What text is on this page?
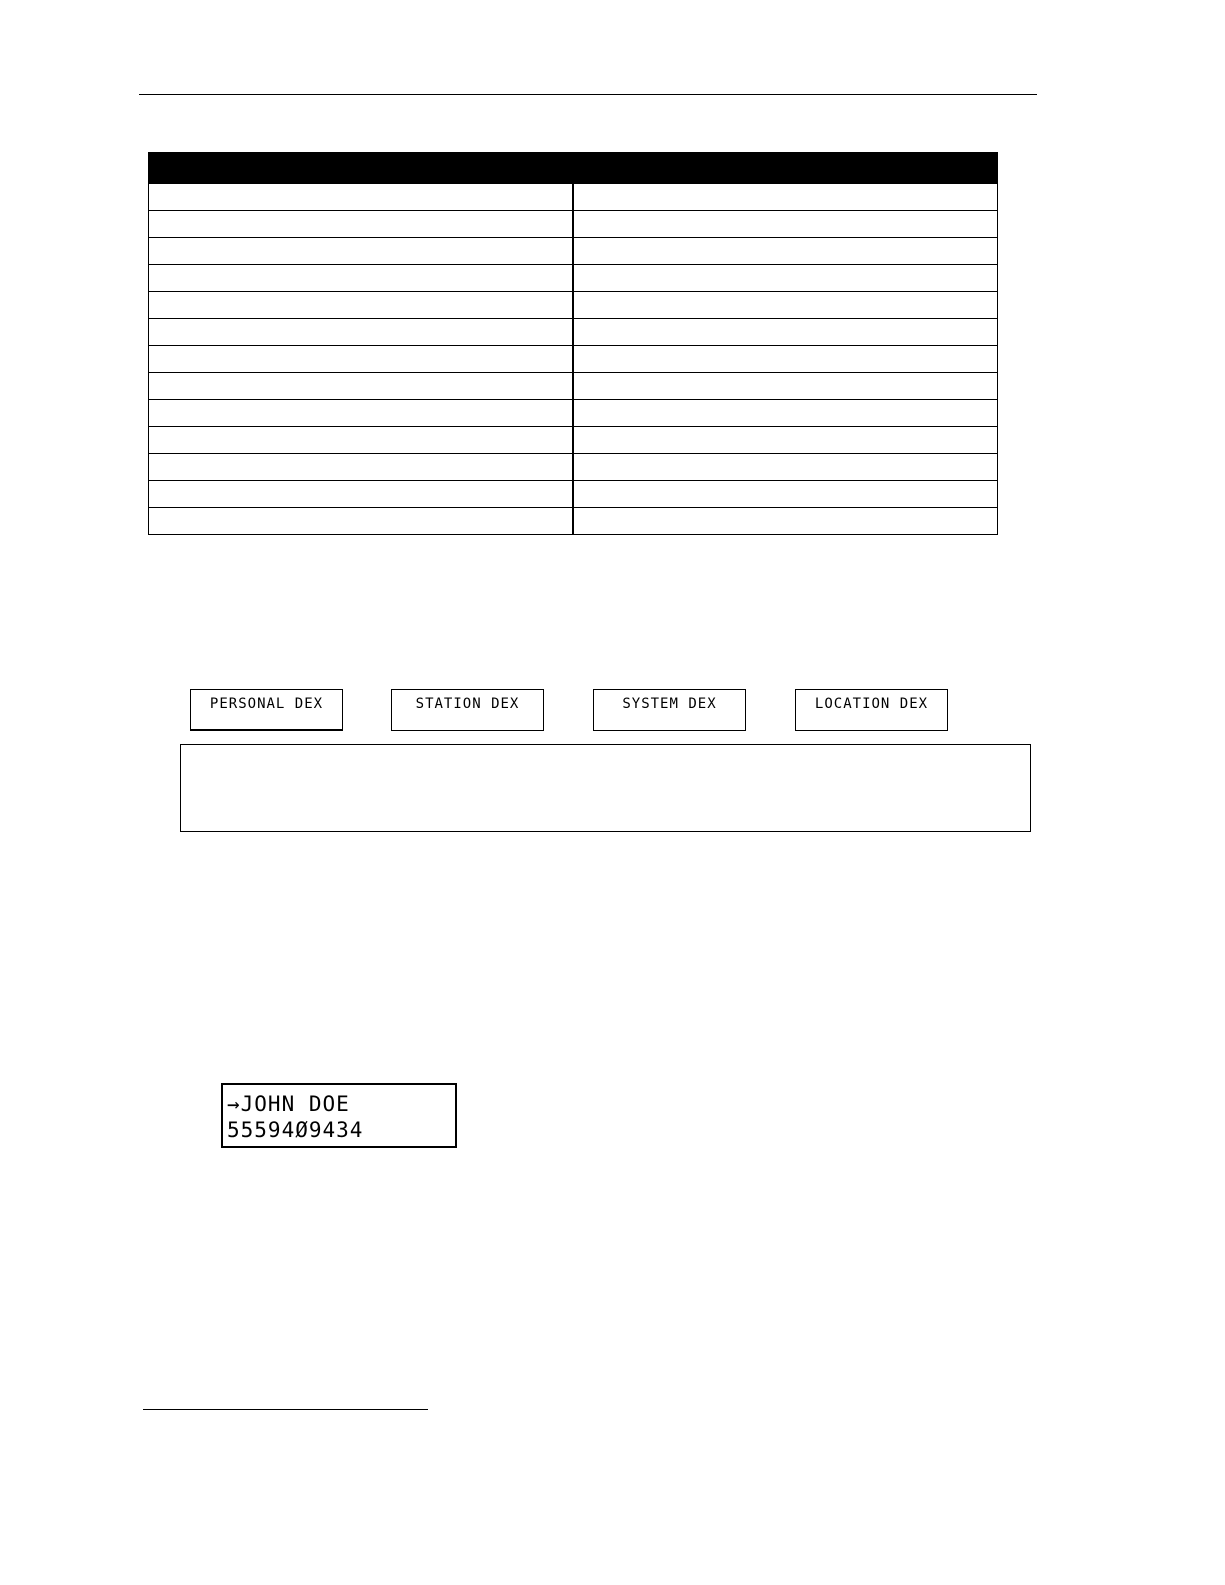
PERSONAL DEX	STATION DEX	SYSTEM DEX	LOCATION DEX
→JOHN DOE
55594Ø9434
